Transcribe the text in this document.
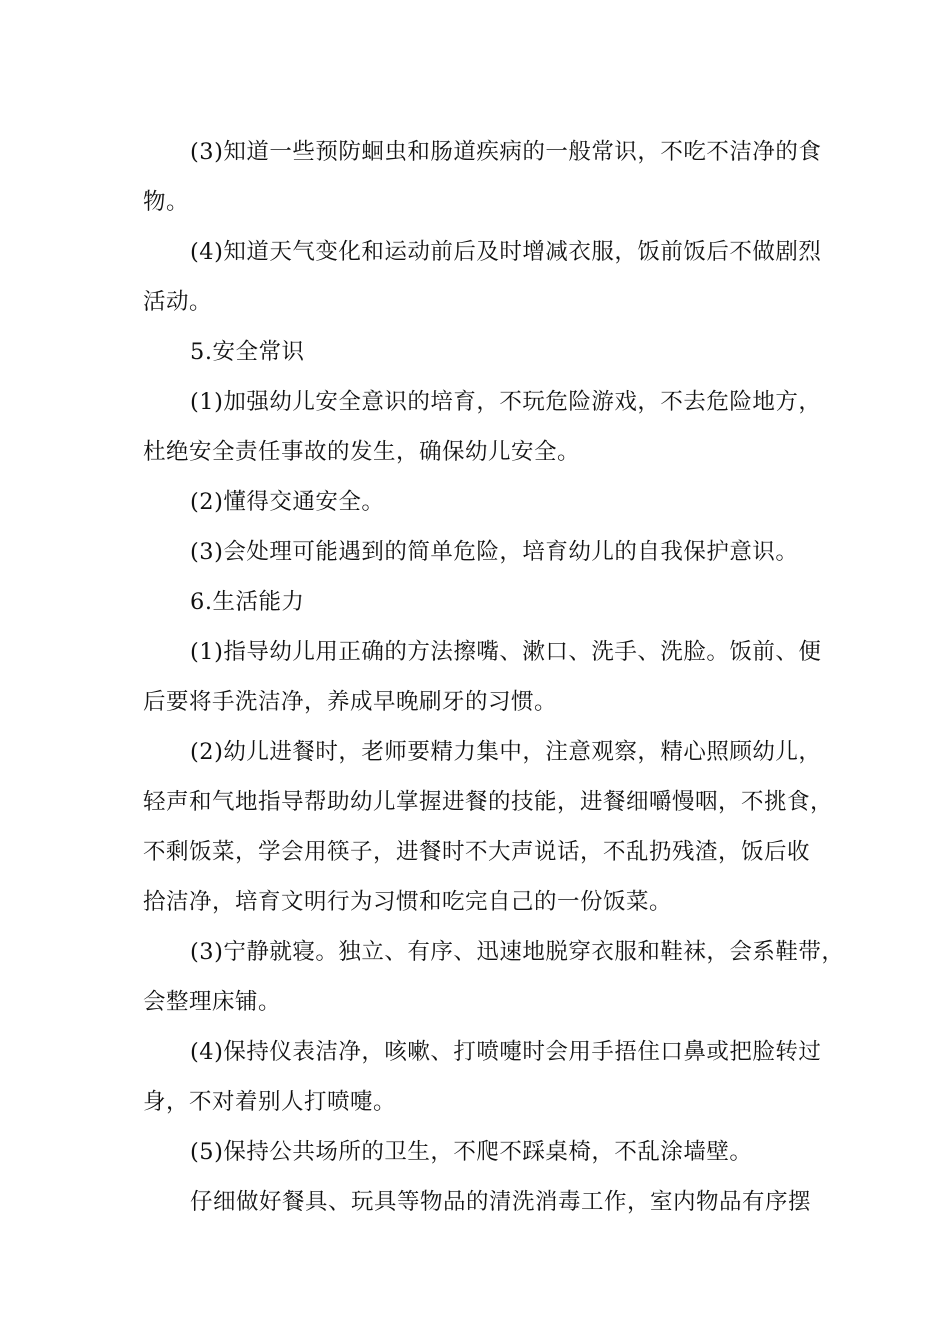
(3)知道一些预防蛔虫和肠道疾病的一般常识，不吃不洁净的食
物。
(4)知道天气变化和运动前后及时增减衣服，饭前饭后不做剧烈
活动。
5.安全常识
(1)加强幼儿安全意识的培育，不玩危险游戏，不去危险地方，
杜绝安全责任事故的发生，确保幼儿安全。
(2)懂得交通安全。
(3)会处理可能遇到的简单危险，培育幼儿的自我保护意识。
6.生活能力
(1)指导幼儿用正确的方法擦嘴、漱口、洗手、洗脸。饭前、便
后要将手洗洁净，养成早晚刷牙的习惯。
(2)幼儿进餐时，老师要精力集中，注意观察，精心照顾幼儿，
轻声和气地指导帮助幼儿掌握进餐的技能，进餐细嚼慢咽，不挑食，
不剩饭菜，学会用筷子，进餐时不大声说话，不乱扔残渣，饭后收
拾洁净，培育文明行为习惯和吃完自己的一份饭菜。
(3)宁静就寝。独立、有序、迅速地脱穿衣服和鞋袜，会系鞋带，
会整理床铺。
(4)保持仪表洁净，咳嗽、打喷嚏时会用手捂住口鼻或把脸转过
身，不对着别人打喷嚏。
(5)保持公共场所的卫生，不爬不踩桌椅，不乱涂墙壁。
仔细做好餐具、玩具等物品的清洗消毒工作，室内物品有序摆
